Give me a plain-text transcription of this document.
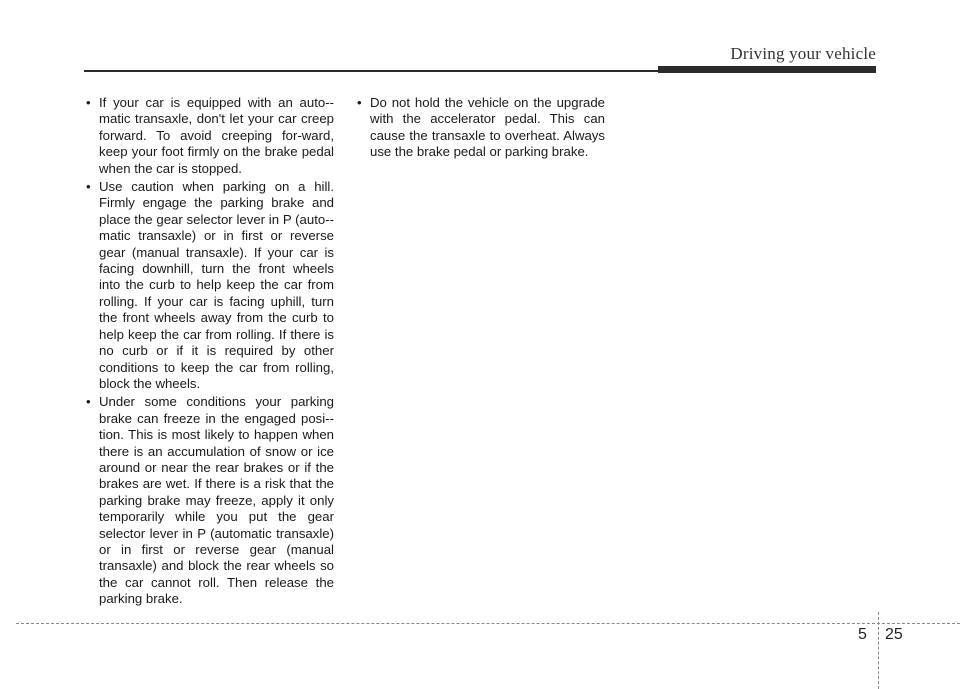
Driving your vehicle
• If your car is equipped with an auto-matic transaxle, don't let your car creep forward. To avoid creeping for-ward, keep your foot firmly on the brake pedal when the car is stopped.
• Use caution when parking on a hill. Firmly engage the parking brake and place the gear selector lever in P (auto-matic transaxle) or in first or reverse gear (manual transaxle). If your car is facing downhill, turn the front wheels into the curb to help keep the car from rolling. If your car is facing uphill, turn the front wheels away from the curb to help keep the car from rolling. If there is no curb or if it is required by other conditions to keep the car from rolling, block the wheels.
• Under some conditions your parking brake can freeze in the engaged posi-tion. This is most likely to happen when there is an accumulation of snow or ice around or near the rear brakes or if the brakes are wet. If there is a risk that the parking brake may freeze, apply it only temporarily while you put the gear selector lever in P (automatic transaxle) or in first or reverse gear (manual transaxle) and block the rear wheels so the car cannot roll. Then release the parking brake.
• Do not hold the vehicle on the upgrade with the accelerator pedal. This can cause the transaxle to overheat. Always use the brake pedal or parking brake.
5 25
